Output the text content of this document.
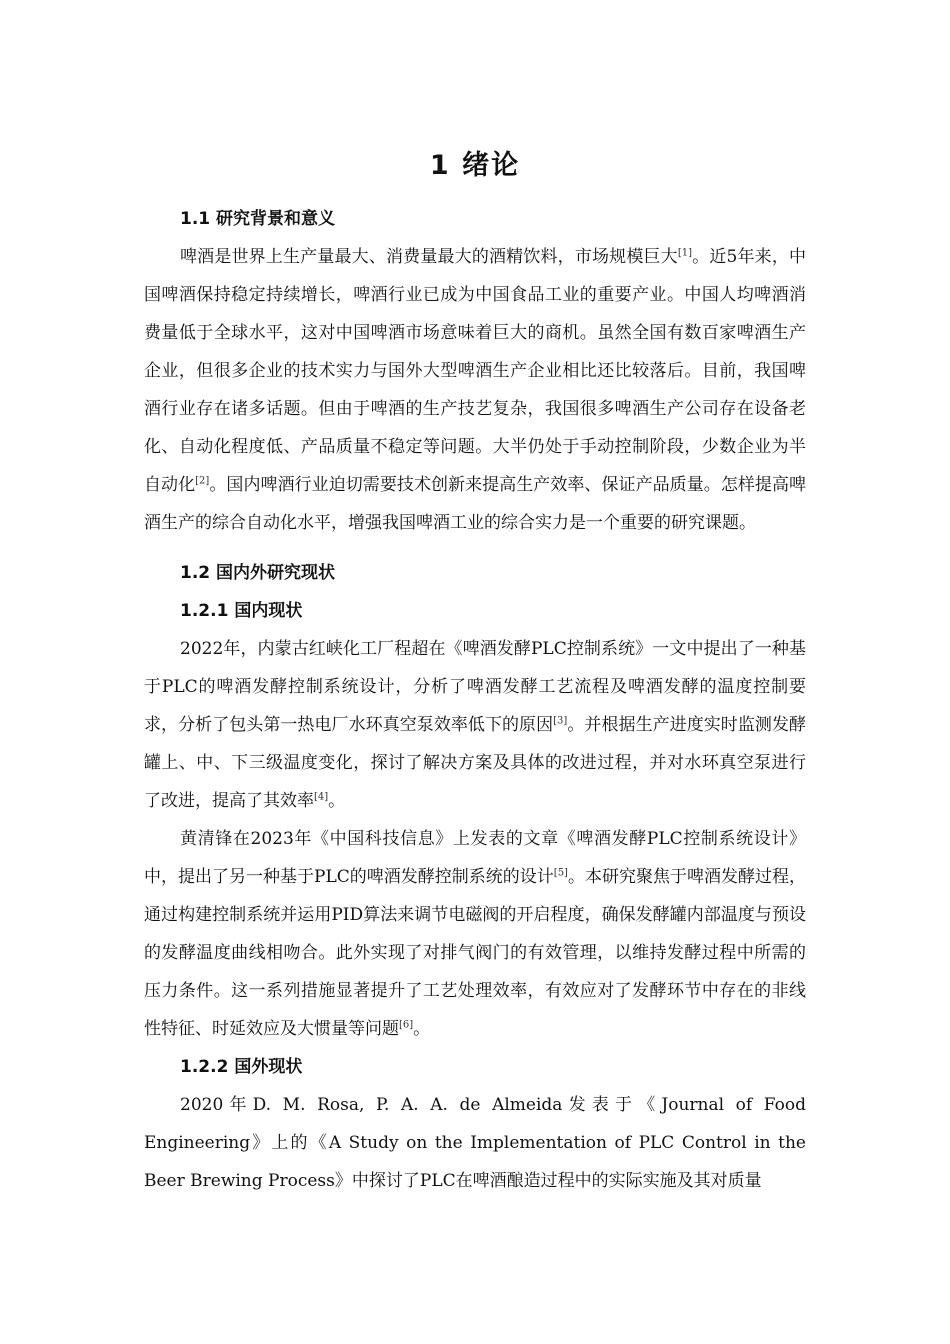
1 绪论
1.1 研究背景和意义

啤酒是世界上生产量最大、消费量最大的酒精饮料，市场规模巨大[1]。近5年来，中国啤酒保持稳定持续增长，啤酒行业已成为中国食品工业的重要产业。中国人均啤酒消费量低于全球水平，这对中国啤酒市场意味着巨大的商机。虽然全国有数百家啤酒生产企业，但很多企业的技术实力与国外大型啤酒生产企业相比还比较落后。目前，我国啤酒行业存在诸多话题。但由于啤酒的生产技艺复杂，我国很多啤酒生产公司存在设备老化、自动化程度低、产品质量不稳定等问题。大半仍处于手动控制阶段，少数企业为半自动化[2]。国内啤酒行业迫切需要技术创新来提高生产效率、保证产品质量。怎样提高啤酒生产的综合自动化水平，增强我国啤酒工业的综合实力是一个重要的研究课题。

1.2 国内外研究现状
1.2.1 国内现状

2022年，内蒙古红峡化工厂程超在《啤酒发酵PLC控制系统》一文中提出了一种基于PLC的啤酒发酵控制系统设计，分析了啤酒发酵工艺流程及啤酒发酵的温度控制要求，分析了包头第一热电厂水环真空泵效率低下的原因[3]。并根据生产进度实时监测发酵罐上、中、下三级温度变化，探讨了解决方案及具体的改进过程，并对水环真空泵进行了改进，提高了其效率[4]。

黄清锋在2023年《中国科技信息》上发表的文章《啤酒发酵PLC控制系统设计》中，提出了另一种基于PLC的啤酒发酵控制系统的设计[5]。本研究聚焦于啤酒发酵过程，通过构建控制系统并运用PID算法来调节电磁阀的开启程度，确保发酵罐内部温度与预设的发酵温度曲线相吻合。此外实现了对排气阀门的有效管理，以维持发酵过程中所需的压力条件。这一系列措施显著提升了工艺处理效率，有效应对了发酵环节中存在的非线性特征、时延效应及大惯量等问题[6]。

1.2.2 国外现状

2020年D. M. Rosa, P. A. A. de Almeida发表于《Journal of Food Engineering》上的《A Study on the Implementation of PLC Control in the Beer Brewing Process》中探讨了PLC在啤酒酿造过程中的实际实施及其对质量
